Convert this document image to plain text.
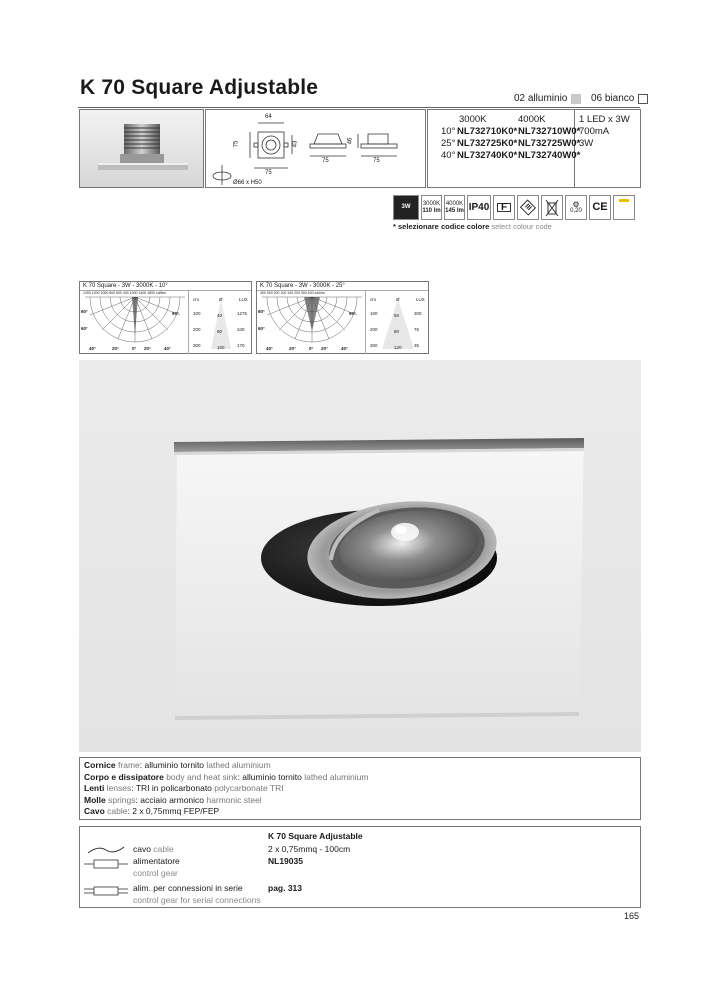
K 70 Square Adjustable	02 alluminio 06 bianco
64
75	43
75
75
46
75
Ø66 x H50
3000K	4000K
10° NL732710K0* NL732710W0*
25° NL732725K0* NL732725W0*
40° NL732740K0* NL732740W0*
1 LED x 3W
700mA
3W
3W
3000K
110 lm
4000K
145 lm IP40	F	III	⚙
0,20 CE
* selezionare codice colore select colour code
K 70 Square - 3W - 3000K - 10°
1400 1200 1000 800 600 400 1000 1400 1800 cd/klm
60°	90°
60°
40°	20°	0° 20°	40°
cm	Ø	LUX
100	40	1275
200	60	340
300	100	170
K 70 Square - 3W - 3000K - 25°
300 300 200 100 100 200 300 400 cd/klm
60°	90°
60°
40°	20°	0° 20°	40°
cm	Ø	LUX
100	50	300
200	80	76
300	120	35
Cornice frame: alluminio tornito lathed aluminium
Corpo e dissipatore body and heat sink: alluminio tornito lathed aluminium
Lenti lenses: TRI in policarbonato polycarbonate TRI
Molle springs: acciaio armonico harmonic steel
Cavo cable: 2 x 0,75mmq FEP/FEP
K 70 Square Adjustable
cavo cable	2 x 0,75mmq - 100cm
alimentatore
control gear
NL19035
alim. per connessioni in serie
control gear for serial connections
pag. 313
165
